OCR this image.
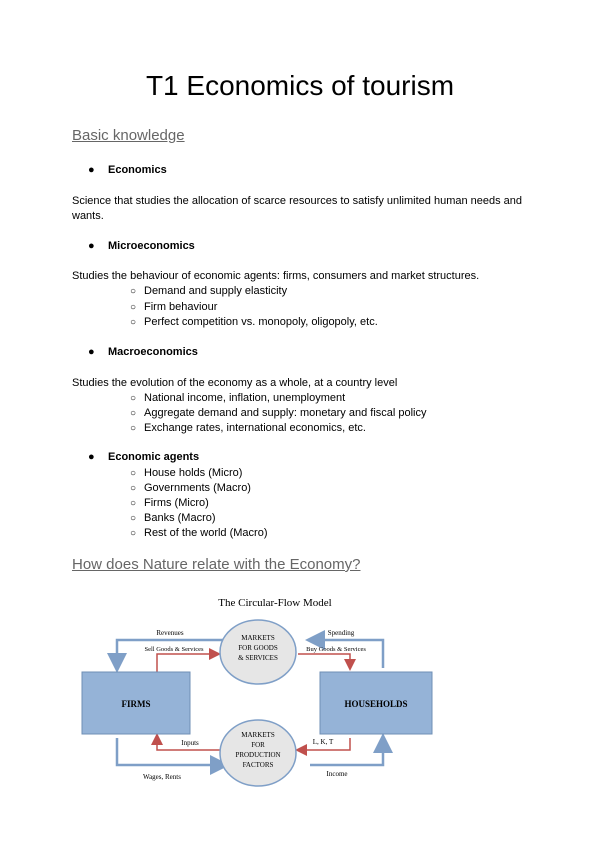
T1 Economics of tourism
Basic knowledge
● Economics

Science that studies the allocation of scarce resources to satisfy unlimited human needs and wants.

● Microeconomics

Studies the behaviour of economic agents: firms, consumers and market structures.

○ Demand and supply elasticity
○ Firm behaviour
○ Perfect competition vs. monopoly, oligopoly, etc.
● Macroeconomics

Studies the evolution of the economy as a whole, at a country level

○ National income, inflation, unemployment
○ Aggregate demand and supply: monetary and fiscal policy
○ Exchange rates, international economics, etc.
● Economic agents
○ House holds (Micro)
○ Governments (Macro)
○ Firms (Micro)
○ Banks (Macro)
○ Rest of the world (Macro)
How does Nature relate with the Economy?
The Circular-Flow Model
FIRMS	HOUSEHOLDS
MARKETS
FOR GOODS
& SERVICES
MARKETS
FOR
PRODUCTION
FACTORS
Revenues	Spending
Sell Goods & Services	Buy Goods & Services
Inputs	L, K, T
Wages, Rents	Income
